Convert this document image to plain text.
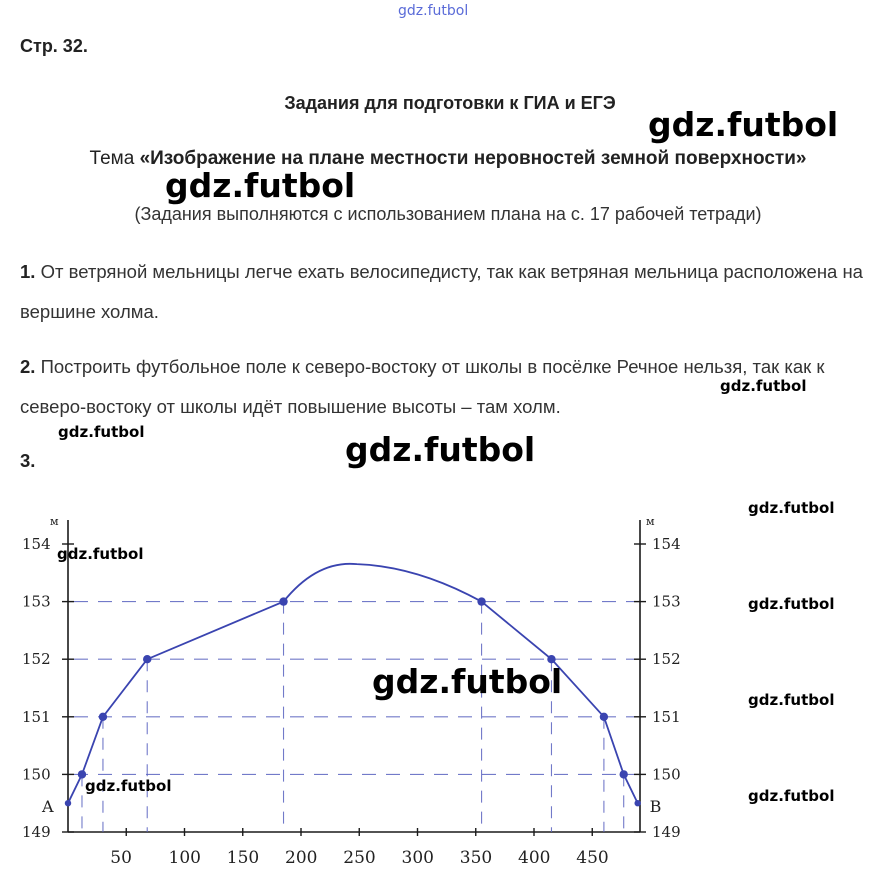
gdz.futbol
Стр. 32.
Задания для подготовки к ГИА и ЕГЭ
Тема «Изображение на плане местности неровностей земной поверхности»
(Задания выполняются с использованием плана на с. 17 рабочей тетради)
1. От ветряной мельницы легче ехать велосипедисту, так как ветряная мельница расположена на вершине холма.
2. Построить футбольное поле к северо-востоку от школы в посёлке Речное нельзя, так как к северо-востоку от школы идёт повышение высоты – там холм.
3.
м	м
149	149
150	150
151	151
152	152
153	153
154	154
50 100 150 200 250 300 350 400 450
A	B
gdz.futbol
gdz.futbol
gdz.futbol
gdz.futbol
gdz.futbol
gdz.futbol
gdz.futbol
gdz.futbol
gdz.futbol
gdz.futbol
gdz.futbol
gdz.futbol
